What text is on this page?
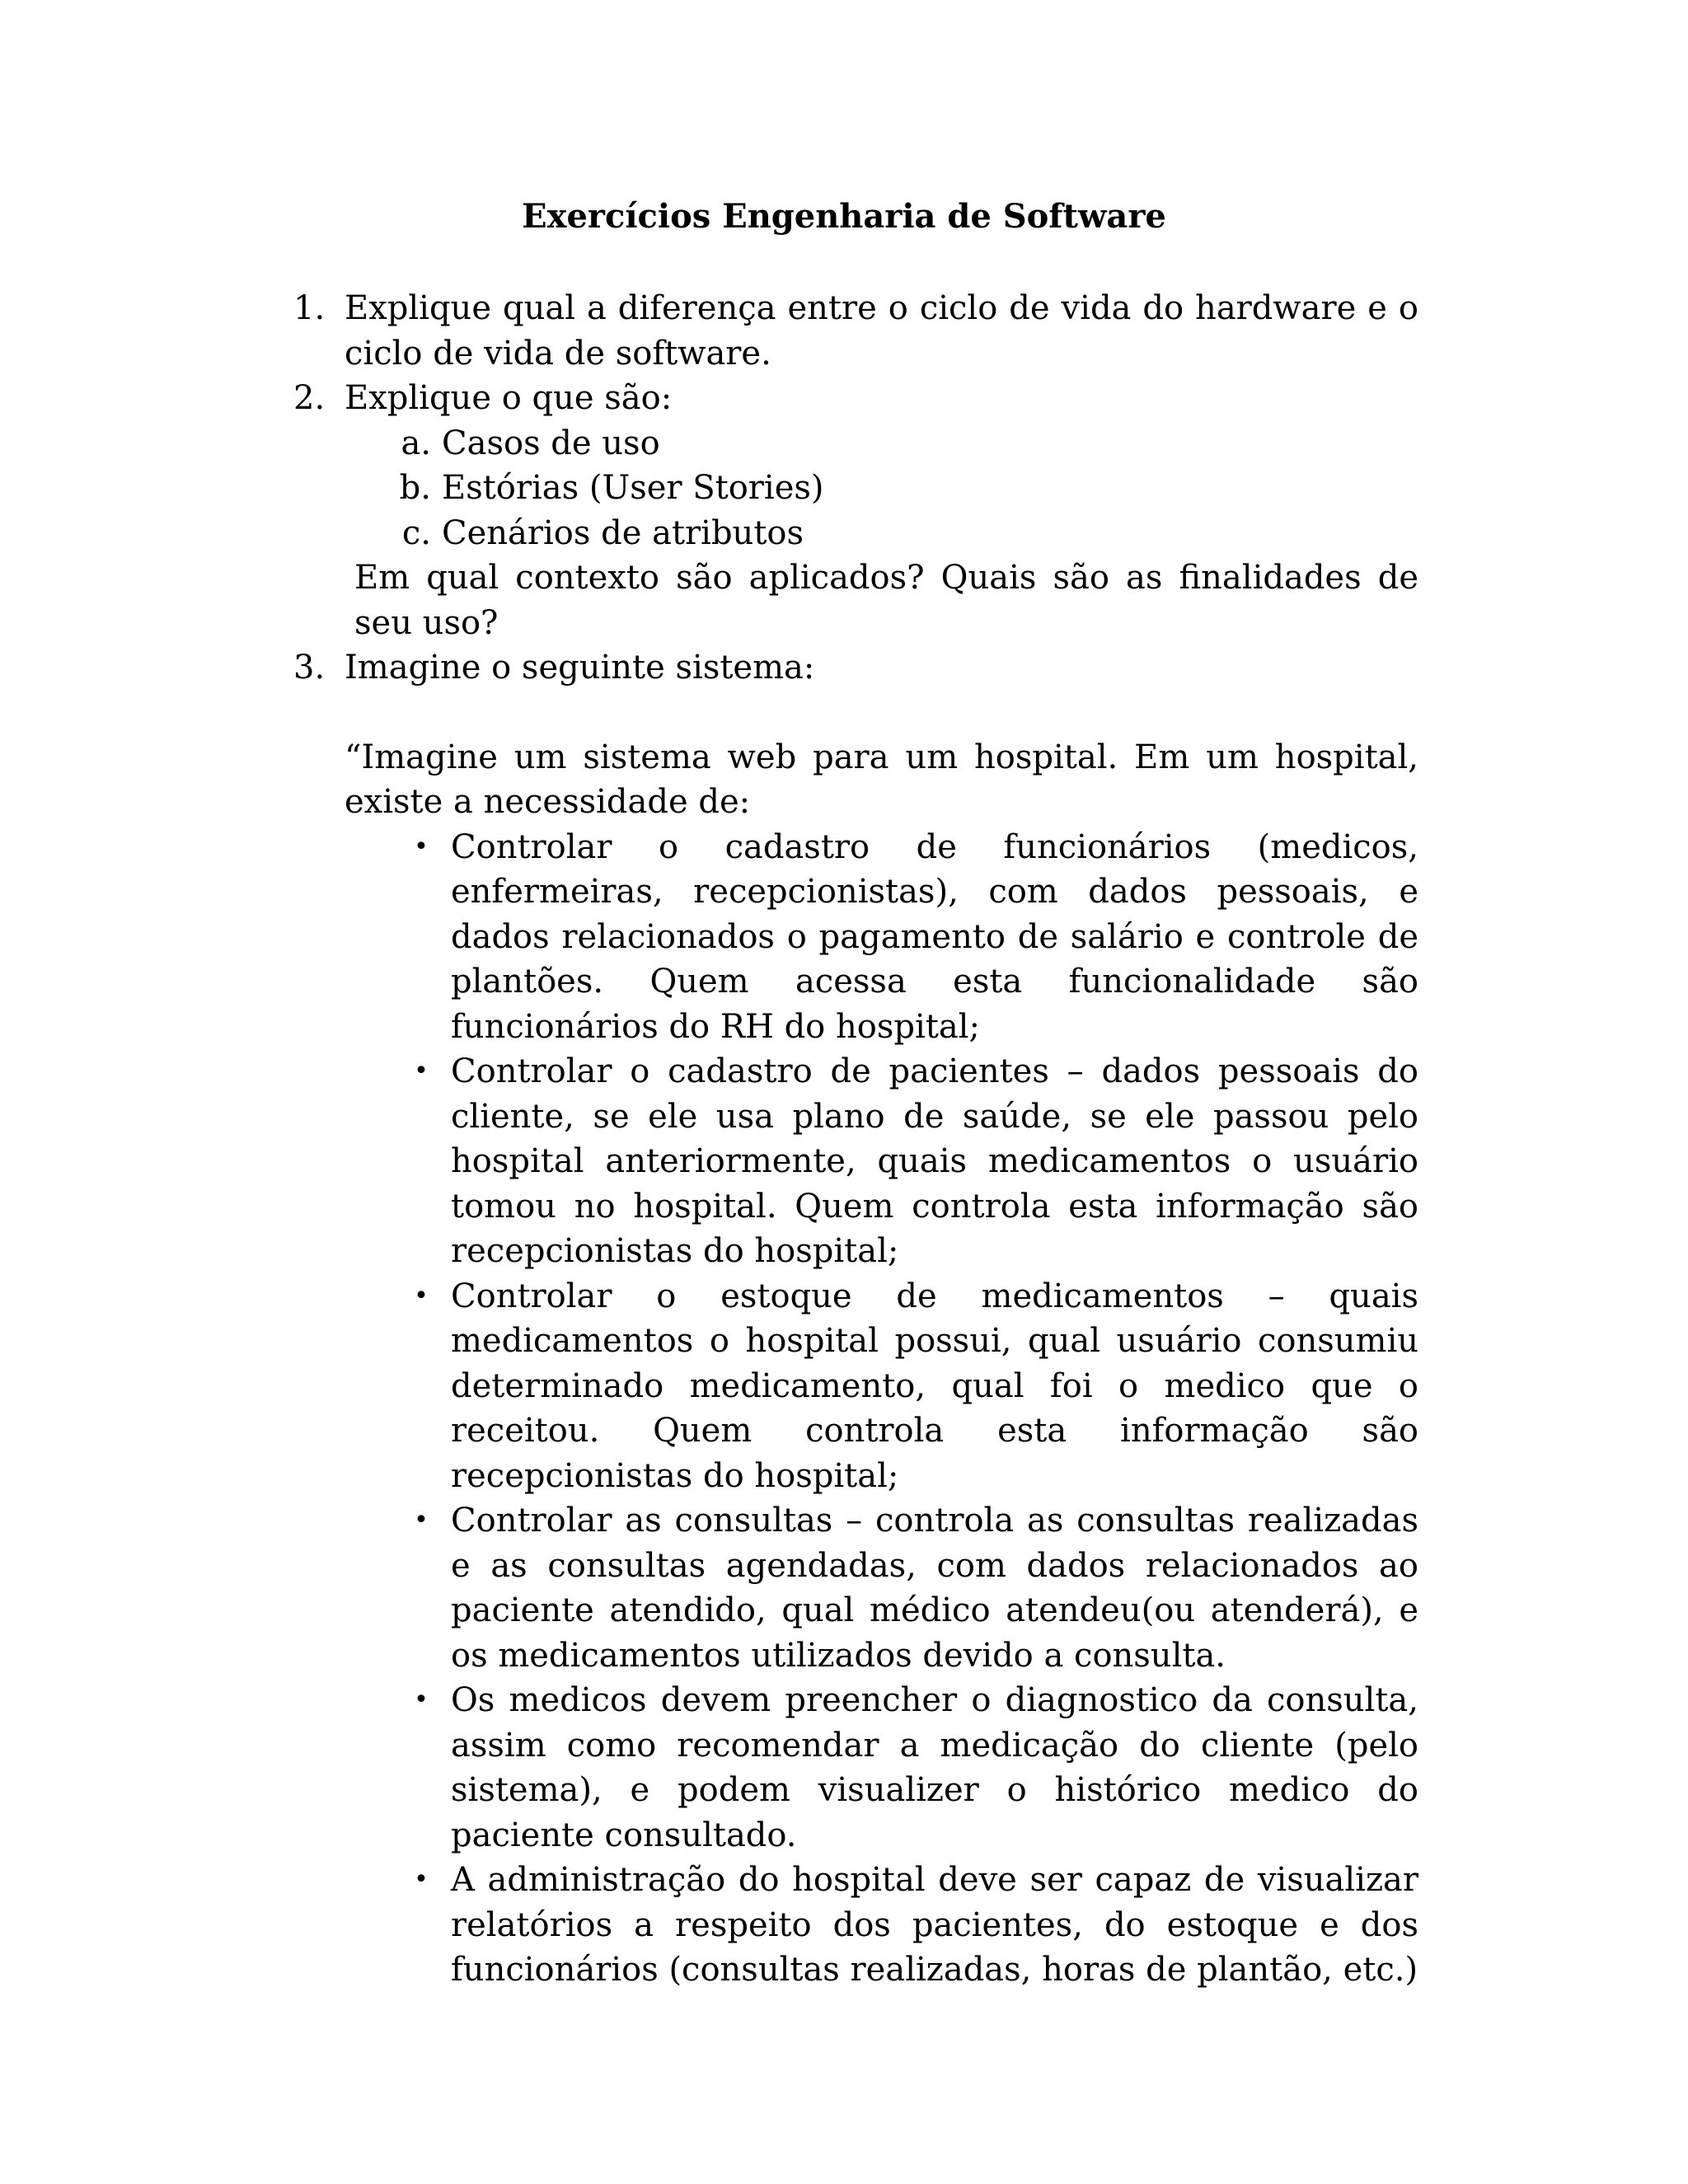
Exercícios Engenharia de Software
1. Explique qual a diferença entre o ciclo de vida do hardware e o ciclo de vida de software.

2. Explique o que são:

a. Casos de uso

b. Estórias (User Stories)

c. Cenários de atributos

Em qual contexto são aplicados? Quais são as finalidades de seu uso?

3. Imagine o seguinte sistema:

“Imagine um sistema web para um hospital. Em um hospital, existe a necessidade de:

• Controlar o cadastro de funcionários (medicos, enfermeiras, recepcionistas), com dados pessoais, e dados relacionados o pagamento de salário e controle de plantões. Quem acessa esta funcionalidade são funcionários do RH do hospital;
• Controlar o cadastro de pacientes – dados pessoais do cliente, se ele usa plano de saúde, se ele passou pelo hospital anteriormente, quais medicamentos o usuário tomou no hospital. Quem controla esta informação são recepcionistas do hospital;
• Controlar o estoque de medicamentos – quais medicamentos o hospital possui, qual usuário consumiu determinado medicamento, qual foi o medico que o receitou. Quem controla esta informação são recepcionistas do hospital;
• Controlar as consultas – controla as consultas realizadas e as consultas agendadas, com dados relacionados ao paciente atendido, qual médico atendeu(ou atenderá), e os medicamentos utilizados devido a consulta.
• Os medicos devem preencher o diagnostico da consulta, assim como recomendar a medicação do cliente (pelo sistema), e podem visualizer o histórico medico do paciente consultado.
• A administração do hospital deve ser capaz de visualizar relatórios a respeito dos pacientes, do estoque e dos funcionários (consultas realizadas, horas de plantão, etc.)
